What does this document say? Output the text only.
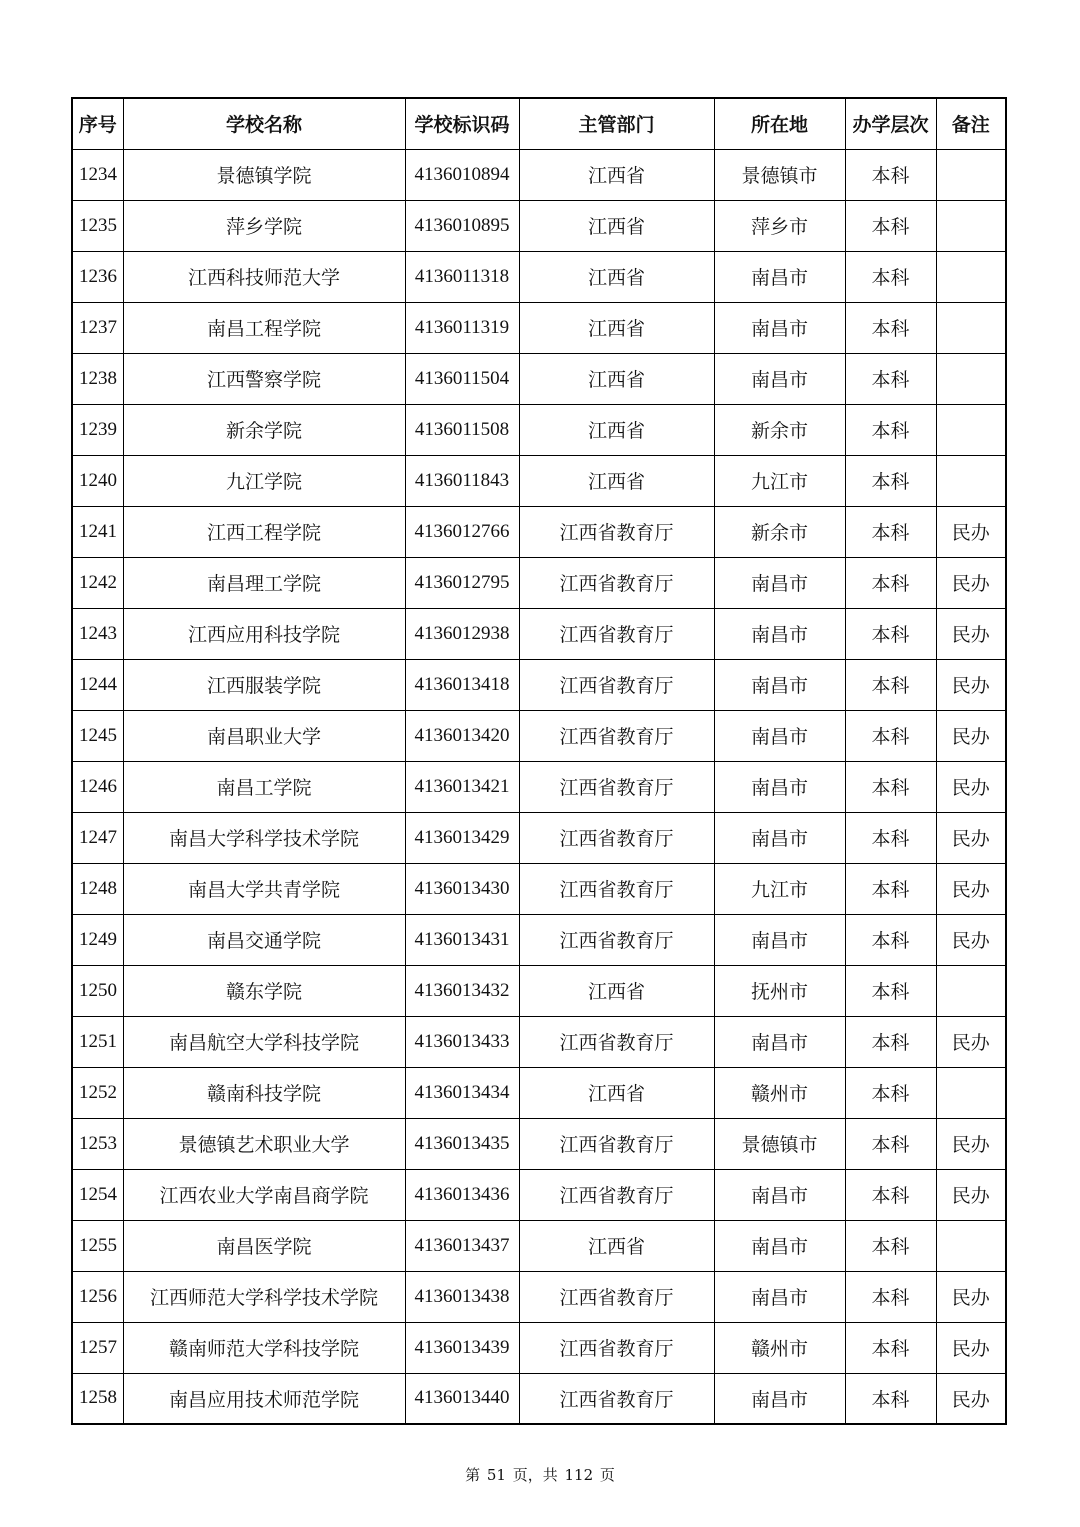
序号	学校名称	学校标识码	主管部门	所在地	办学层次	备注
1234	景德镇学院	4136010894	江西省	景德镇市	本科	
1235	萍乡学院	4136010895	江西省	萍乡市	本科	
1236	江西科技师范大学	4136011318	江西省	南昌市	本科	
1237	南昌工程学院	4136011319	江西省	南昌市	本科	
1238	江西警察学院	4136011504	江西省	南昌市	本科	
1239	新余学院	4136011508	江西省	新余市	本科	
1240	九江学院	4136011843	江西省	九江市	本科	
1241	江西工程学院	4136012766	江西省教育厅	新余市	本科	民办
1242	南昌理工学院	4136012795	江西省教育厅	南昌市	本科	民办
1243	江西应用科技学院	4136012938	江西省教育厅	南昌市	本科	民办
1244	江西服装学院	4136013418	江西省教育厅	南昌市	本科	民办
1245	南昌职业大学	4136013420	江西省教育厅	南昌市	本科	民办
1246	南昌工学院	4136013421	江西省教育厅	南昌市	本科	民办
1247	南昌大学科学技术学院	4136013429	江西省教育厅	南昌市	本科	民办
1248	南昌大学共青学院	4136013430	江西省教育厅	九江市	本科	民办
1249	南昌交通学院	4136013431	江西省教育厅	南昌市	本科	民办
1250	赣东学院	4136013432	江西省	抚州市	本科	
1251	南昌航空大学科技学院	4136013433	江西省教育厅	南昌市	本科	民办
1252	赣南科技学院	4136013434	江西省	赣州市	本科	
1253	景德镇艺术职业大学	4136013435	江西省教育厅	景德镇市	本科	民办
1254	江西农业大学南昌商学院	4136013436	江西省教育厅	南昌市	本科	民办
1255	南昌医学院	4136013437	江西省	南昌市	本科	
1256	江西师范大学科学技术学院	4136013438	江西省教育厅	南昌市	本科	民办
1257	赣南师范大学科技学院	4136013439	江西省教育厅	赣州市	本科	民办
1258	南昌应用技术师范学院	4136013440	江西省教育厅	南昌市	本科	民办
第 51 页，共 112 页
